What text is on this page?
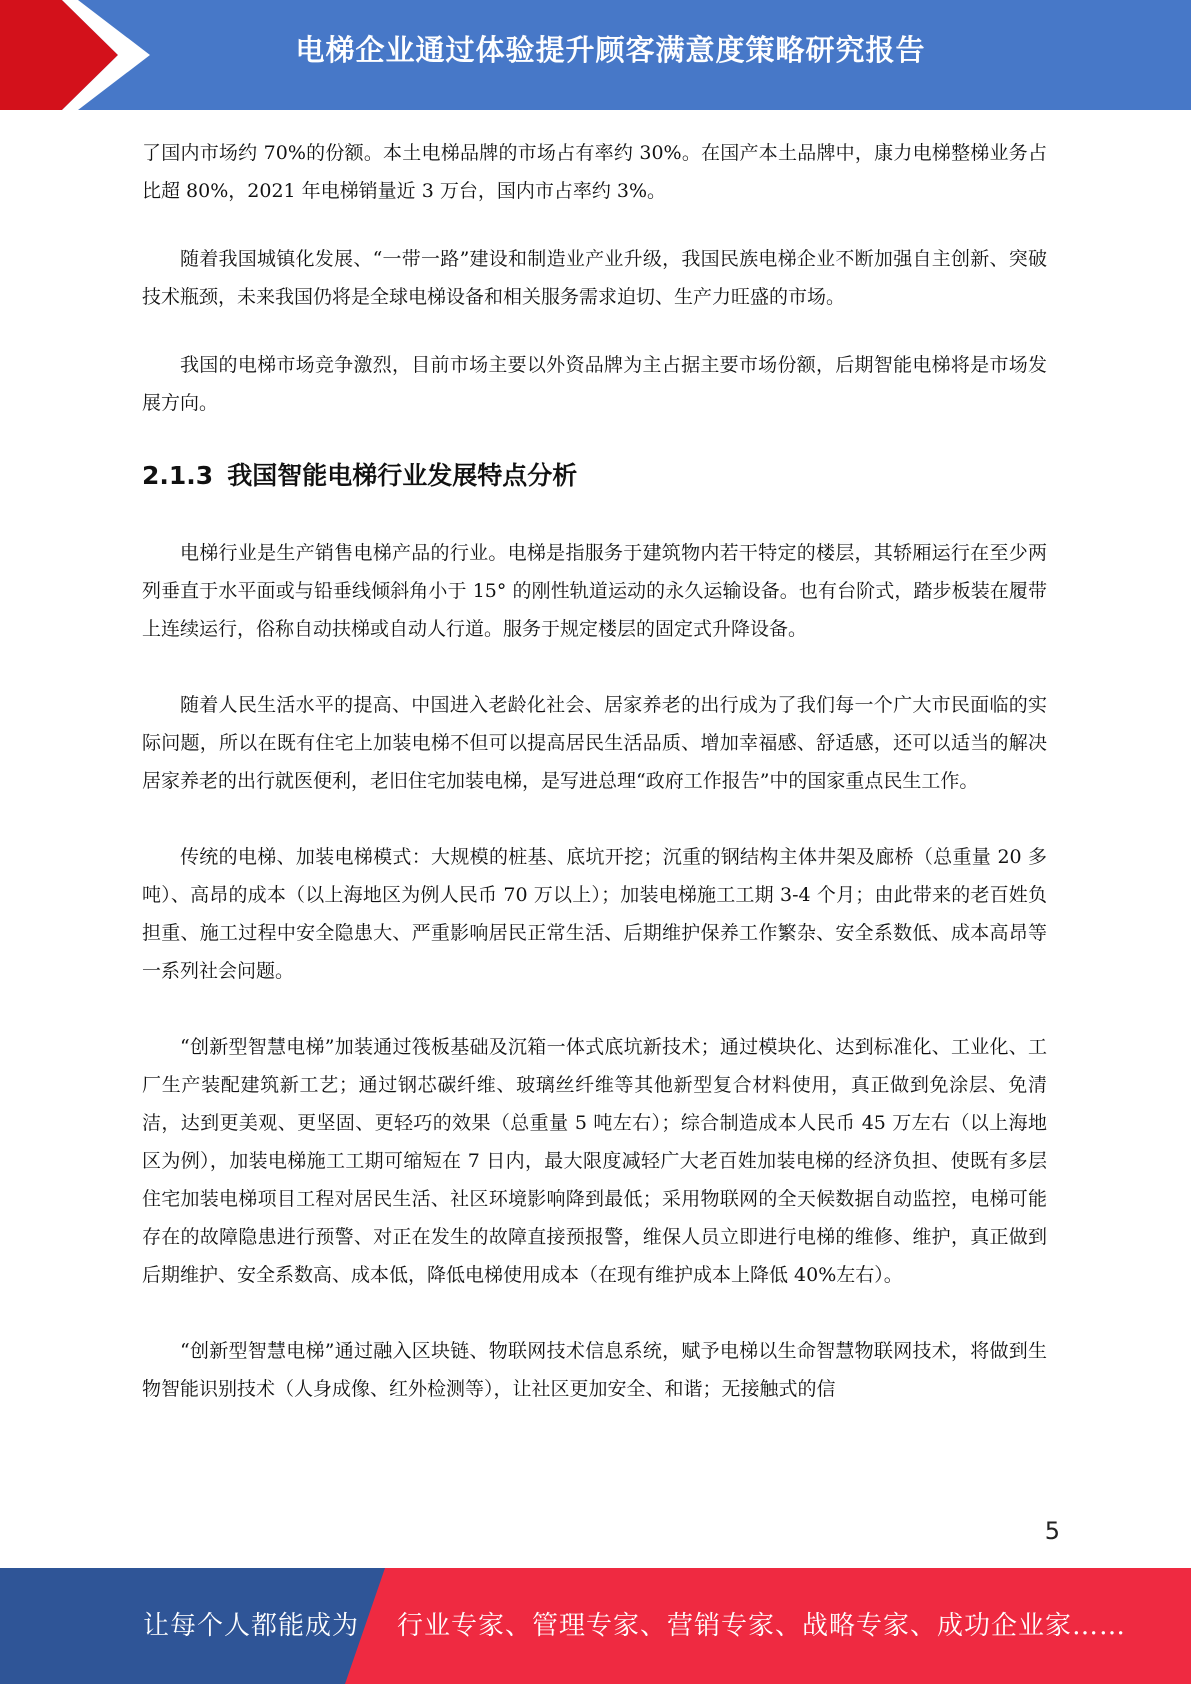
电梯企业通过体验提升顾客满意度策略研究报告

了国内市场约 70%的份额。本土电梯品牌的市场占有率约 30%。在国产本土品牌中，康力电梯整梯业务占比超 80%，2021 年电梯销量近 3 万台，国内市占率约 3%。

随着我国城镇化发展、“一带一路”建设和制造业产业升级，我国民族电梯企业不断加强自主创新、突破技术瓶颈，未来我国仍将是全球电梯设备和相关服务需求迫切、生产力旺盛的市场。

我国的电梯市场竞争激烈，目前市场主要以外资品牌为主占据主要市场份额，后期智能电梯将是市场发展方向。

2.1.3 我国智能电梯行业发展特点分析

电梯行业是生产销售电梯产品的行业。电梯是指服务于建筑物内若干特定的楼层，其轿厢运行在至少两列垂直于水平面或与铅垂线倾斜角小于 15° 的刚性轨道运动的永久运输设备。也有台阶式，踏步板装在履带上连续运行，俗称自动扶梯或自动人行道。服务于规定楼层的固定式升降设备。

随着人民生活水平的提高、中国进入老龄化社会、居家养老的出行成为了我们每一个广大市民面临的实际问题，所以在既有住宅上加装电梯不但可以提高居民生活品质、增加幸福感、舒适感，还可以适当的解决居家养老的出行就医便利，老旧住宅加装电梯，是写进总理“政府工作报告”中的国家重点民生工作。

传统的电梯、加装电梯模式：大规模的桩基、底坑开挖；沉重的钢结构主体井架及廊桥（总重量 20 多吨）、高昂的成本（以上海地区为例人民币 70 万以上）；加装电梯施工工期 3-4 个月；由此带来的老百姓负担重、施工过程中安全隐患大、严重影响居民正常生活、后期维护保养工作繁杂、安全系数低、成本高昂等一系列社会问题。

“创新型智慧电梯”加装通过筏板基础及沉箱一体式底坑新技术；通过模块化、达到标准化、工业化、工厂生产装配建筑新工艺；通过钢芯碳纤维、玻璃丝纤维等其他新型复合材料使用，真正做到免涂层、免清洁，达到更美观、更坚固、更轻巧的效果（总重量 5 吨左右）；综合制造成本人民币 45 万左右（以上海地区为例），加装电梯施工工期可缩短在 7 日内，最大限度减轻广大老百姓加装电梯的经济负担、使既有多层住宅加装电梯项目工程对居民生活、社区环境影响降到最低；采用物联网的全天候数据自动监控，电梯可能存在的故障隐患进行预警、对正在发生的故障直接预报警，维保人员立即进行电梯的维修、维护，真正做到后期维护、安全系数高、成本低，降低电梯使用成本（在现有维护成本上降低 40%左右）。

“创新型智慧电梯”通过融入区块链、物联网技术信息系统，赋予电梯以生命智慧物联网技术，将做到生物智能识别技术（人身成像、红外检测等），让社区更加安全、和谐；无接触式的信

5
让每个人都能成为 行业专家、管理专家、营销专家、战略专家、成功企业家……
